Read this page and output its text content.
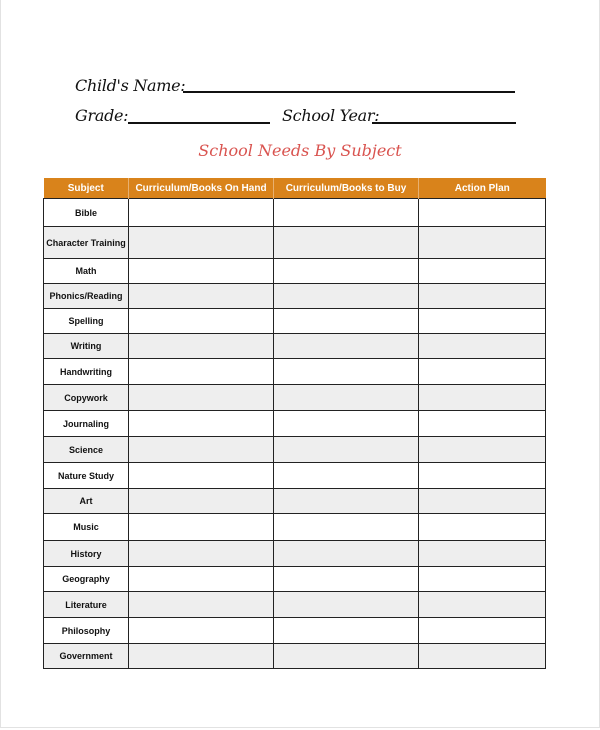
Child's Name:
Grade:	School Year:
School Needs By Subject
Subject	Curriculum/Books On Hand	Curriculum/Books to Buy	Action Plan
Bible			
Character Training			
Math			
Phonics/Reading			
Spelling			
Writing			
Handwriting			
Copywork			
Journaling			
Science			
Nature Study			
Art			
Music			
History			
Geography			
Literature			
Philosophy			
Government			
